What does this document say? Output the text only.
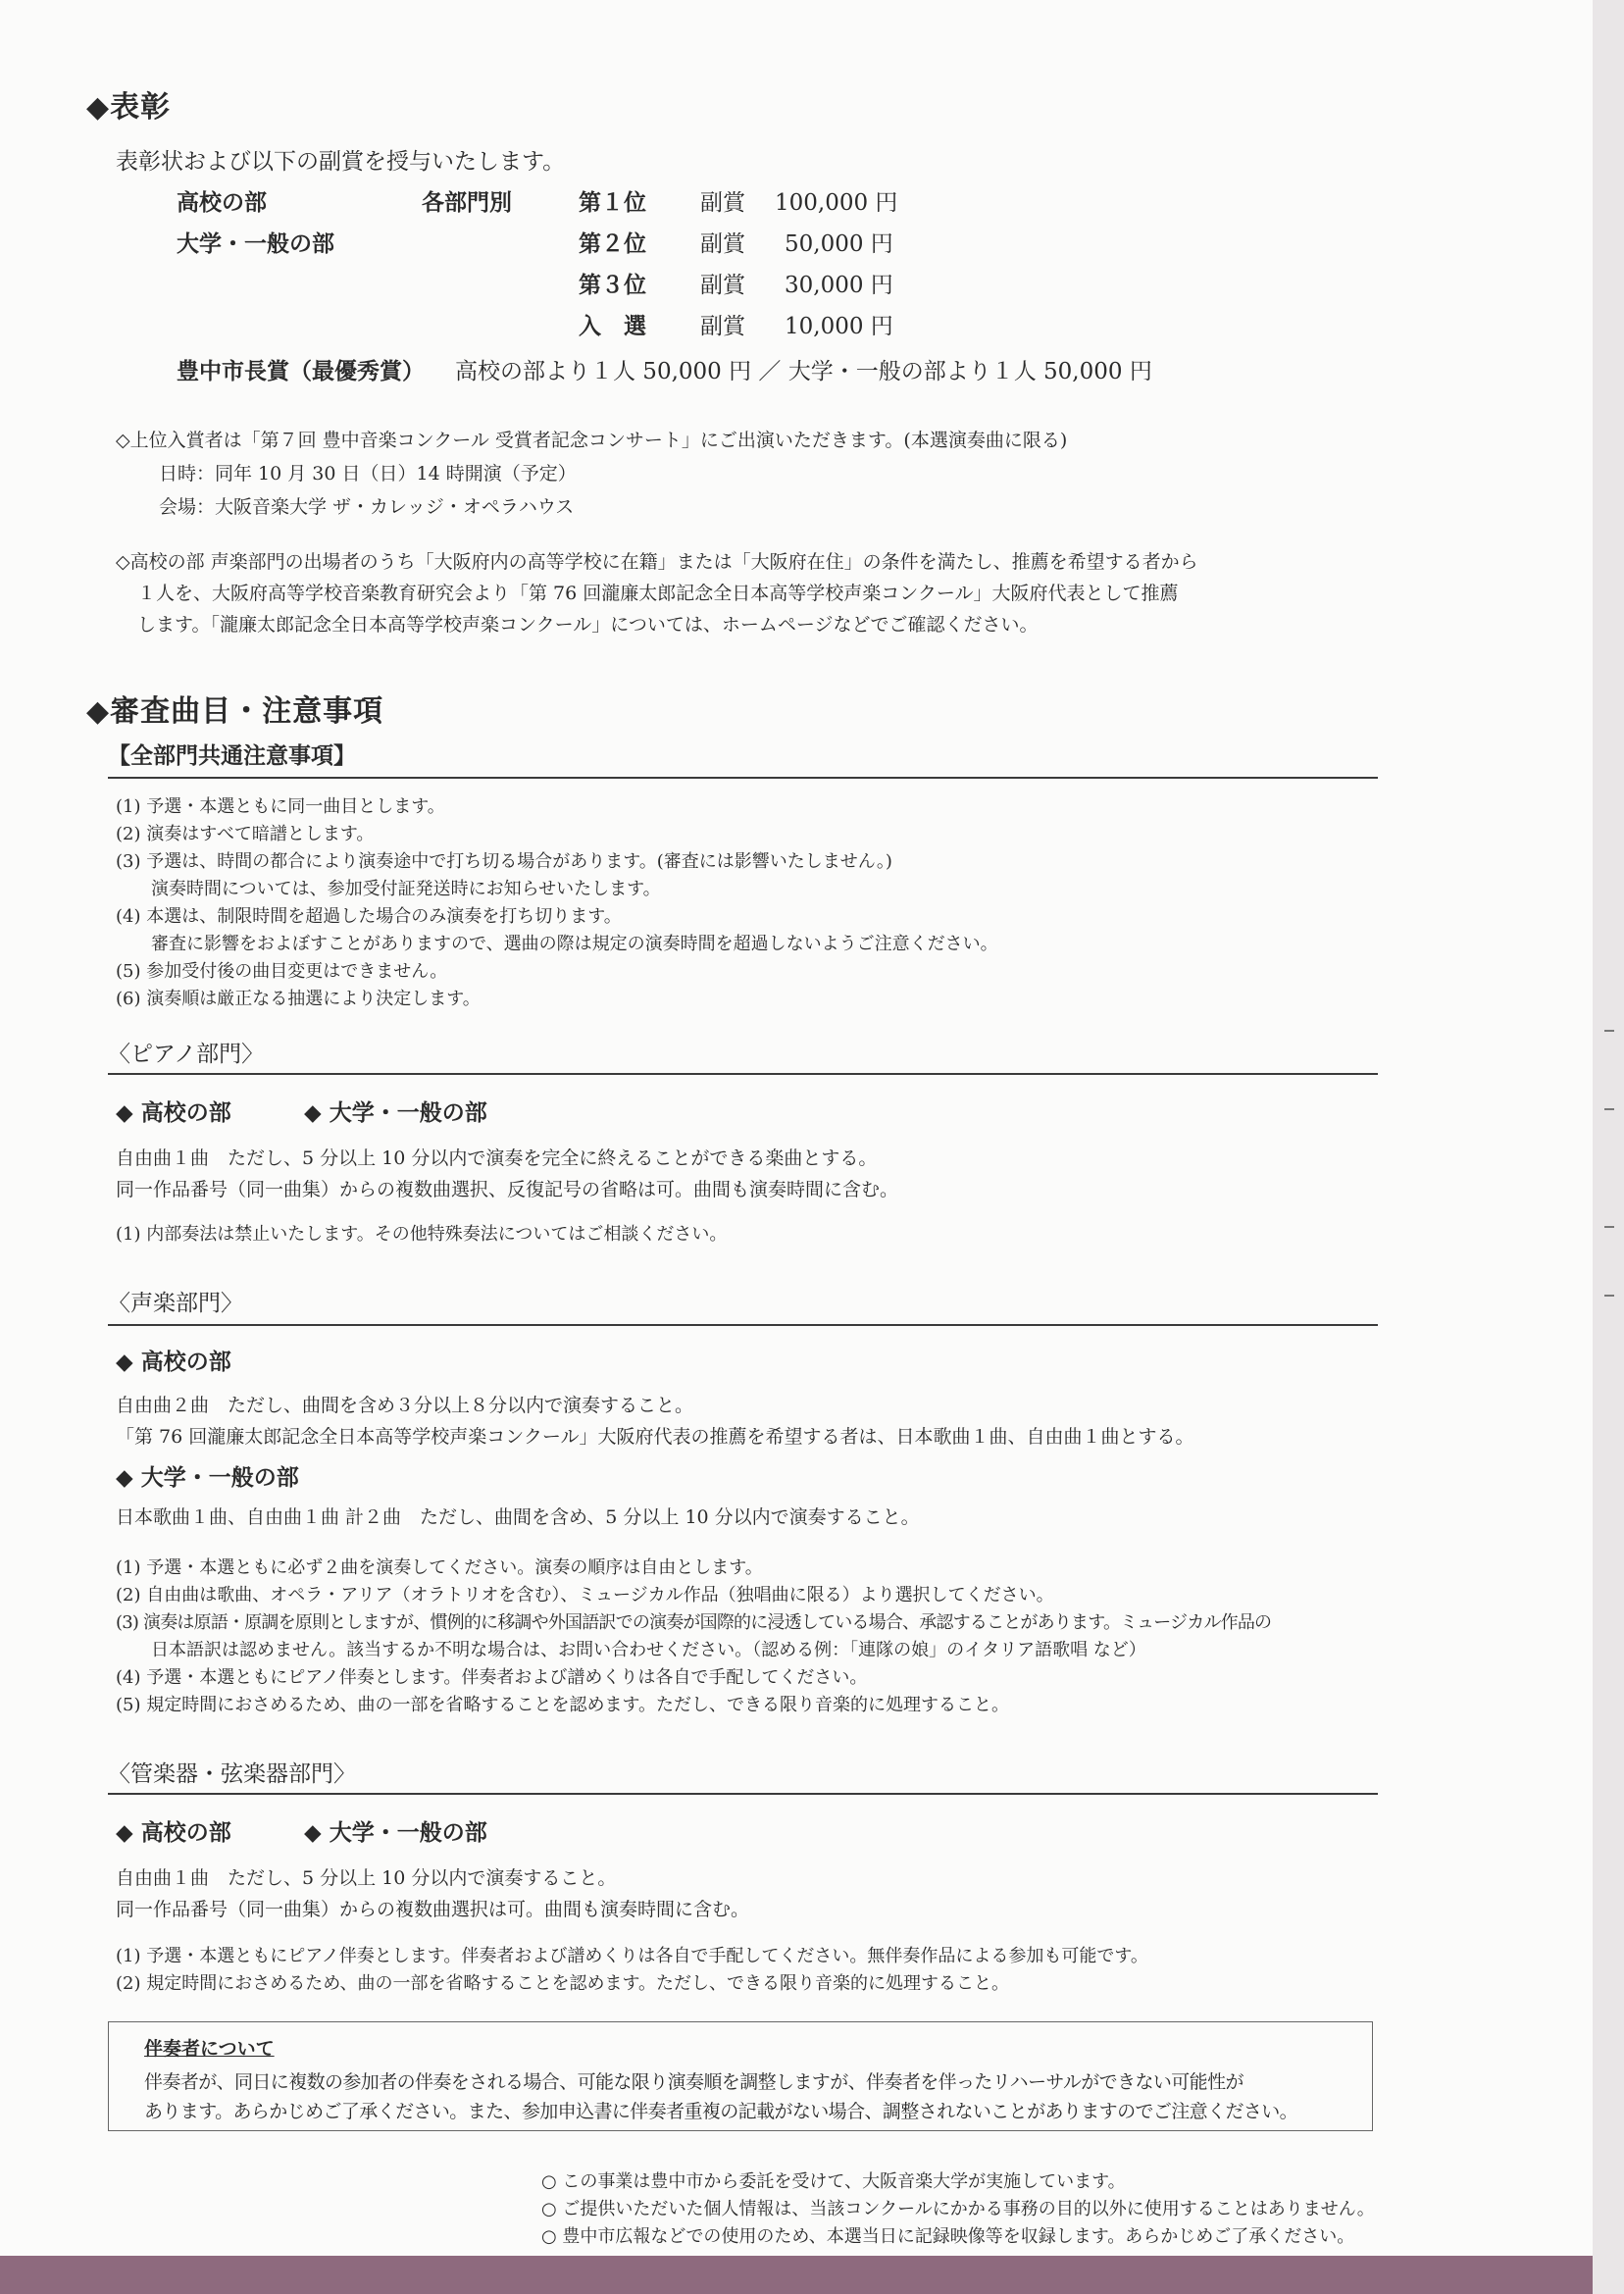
◆表彰
表彰状および以下の副賞を授与いたします。
高校の部
大学・一般の部
各部門別	第１位 副賞 100,000 円
第２位 副賞 50,000 円
第３位 副賞 30,000 円
入　選 副賞 10,000 円
豊中市長賞（最優秀賞） 高校の部より１人 50,000 円 ／ 大学・一般の部より１人 50,000 円
◇上位入賞者は「第７回 豊中音楽コンクール 受賞者記念コンサート」にご出演いただきます。(本選演奏曲に限る)
日時：同年 10 月 30 日（日）14 時開演（予定）
会場：大阪音楽大学 ザ・カレッジ・オペラハウス
◇高校の部 声楽部門の出場者のうち「大阪府内の高等学校に在籍」または「大阪府在住」の条件を満たし、推薦を希望する者から
１人を、大阪府高等学校音楽教育研究会より「第 76 回瀧廉太郎記念全日本高等学校声楽コンクール」大阪府代表として推薦
します。「瀧廉太郎記念全日本高等学校声楽コンクール」については、ホームページなどでご確認ください。
◆審査曲目・注意事項
【全部門共通注意事項】
(1) 予選・本選ともに同一曲目とします。
(2) 演奏はすべて暗譜とします。
(3) 予選は、時間の都合により演奏途中で打ち切る場合があります。(審査には影響いたしません。)
　　演奏時間については、参加受付証発送時にお知らせいたします。
(4) 本選は、制限時間を超過した場合のみ演奏を打ち切ります。
　　審査に影響をおよぼすことがありますので、選曲の際は規定の演奏時間を超過しないようご注意ください。
(5) 参加受付後の曲目変更はできません。
(6) 演奏順は厳正なる抽選により決定します。
〈ピアノ部門〉
◆ 高校の部	◆ 大学・一般の部
自由曲１曲　ただし、5 分以上 10 分以内で演奏を完全に終えることができる楽曲とする。
同一作品番号（同一曲集）からの複数曲選択、反復記号の省略は可。曲間も演奏時間に含む。
(1) 内部奏法は禁止いたします。その他特殊奏法についてはご相談ください。
〈声楽部門〉
◆ 高校の部
自由曲２曲　ただし、曲間を含め３分以上８分以内で演奏すること。
「第 76 回瀧廉太郎記念全日本高等学校声楽コンクール」大阪府代表の推薦を希望する者は、日本歌曲１曲、自由曲１曲とする。
◆ 大学・一般の部
日本歌曲１曲、自由曲１曲 計２曲　ただし、曲間を含め、5 分以上 10 分以内で演奏すること。
(1) 予選・本選ともに必ず２曲を演奏してください。演奏の順序は自由とします。
(2) 自由曲は歌曲、オペラ・アリア（オラトリオを含む）、ミュージカル作品（独唱曲に限る）より選択してください。
(3) 演奏は原語・原調を原則としますが、慣例的に移調や外国語訳での演奏が国際的に浸透している場合、承認することがあります。ミュージカル作品の
　　日本語訳は認めません。該当するか不明な場合は、お問い合わせください。（認める例：「連隊の娘」のイタリア語歌唱 など）
(4) 予選・本選ともにピアノ伴奏とします。伴奏者および譜めくりは各自で手配してください。
(5) 規定時間におさめるため、曲の一部を省略することを認めます。ただし、できる限り音楽的に処理すること。
〈管楽器・弦楽器部門〉
◆ 高校の部	◆ 大学・一般の部
自由曲１曲　ただし、5 分以上 10 分以内で演奏すること。
同一作品番号（同一曲集）からの複数曲選択は可。曲間も演奏時間に含む。
(1) 予選・本選ともにピアノ伴奏とします。伴奏者および譜めくりは各自で手配してください。無伴奏作品による参加も可能です。
(2) 規定時間におさめるため、曲の一部を省略することを認めます。ただし、できる限り音楽的に処理すること。
伴奏者について
伴奏者が、同日に複数の参加者の伴奏をされる場合、可能な限り演奏順を調整しますが、伴奏者を伴ったリハーサルができない可能性が
あります。あらかじめご了承ください。また、参加申込書に伴奏者重複の記載がない場合、調整されないことがありますのでご注意ください。
○ この事業は豊中市から委託を受けて、大阪音楽大学が実施しています。
○ ご提供いただいた個人情報は、当該コンクールにかかる事務の目的以外に使用することはありません。
○ 豊中市広報などでの使用のため、本選当日に記録映像等を収録します。あらかじめご了承ください。
